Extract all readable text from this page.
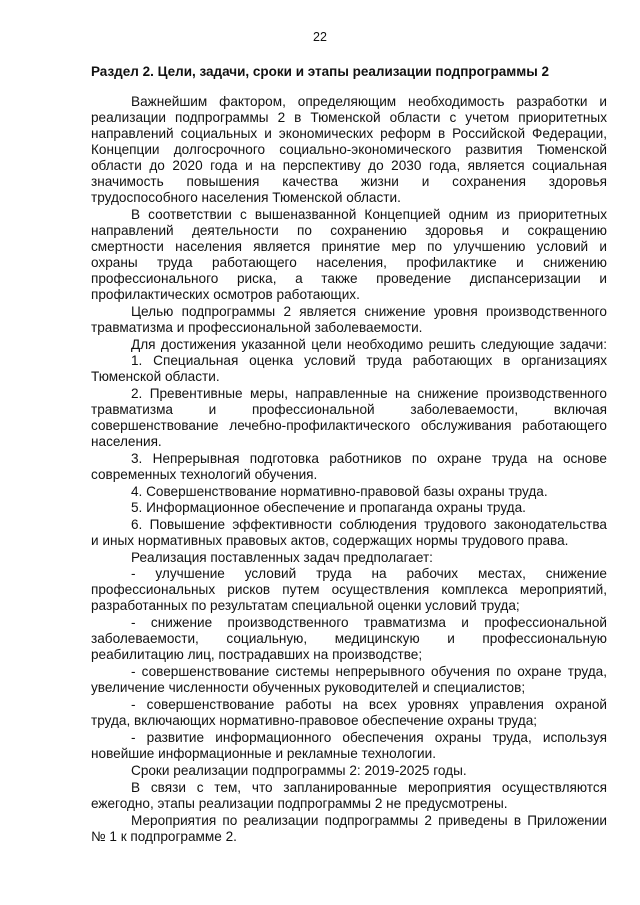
22
Раздел 2. Цели, задачи, сроки и этапы реализации подпрограммы 2
Важнейшим фактором, определяющим необходимость разработки и
реализации подпрограммы 2 в Тюменской области с учетом приоритетных
направлений социальных и экономических реформ в Российской Федерации,
Концепции долгосрочного социально-экономического развития Тюменской
области до 2020 года и на перспективу до 2030 года, является социальная
значимость повышения качества жизни и сохранения здоровья
трудоспособного населения Тюменской области.
В соответствии с вышеназванной Концепцией одним из приоритетных
направлений деятельности по сохранению здоровья и сокращению
смертности населения является принятие мер по улучшению условий и
охраны труда работающего населения, профилактике и снижению
профессионального риска, а также проведение диспансеризации и
профилактических осмотров работающих.
Целью подпрограммы 2 является снижение уровня производственного
травматизма и профессиональной заболеваемости.
Для достижения указанной цели необходимо решить следующие задачи:
1. Специальная оценка условий труда работающих в организациях
Тюменской области.
2. Превентивные меры, направленные на снижение производственного
травматизма и профессиональной заболеваемости, включая
совершенствование лечебно-профилактического обслуживания работающего
населения.
3. Непрерывная подготовка работников по охране труда на основе
современных технологий обучения.
4. Совершенствование нормативно-правовой базы охраны труда.
5. Информационное обеспечение и пропаганда охраны труда.
6. Повышение эффективности соблюдения трудового законодательства
и иных нормативных правовых актов, содержащих нормы трудового права.
Реализация поставленных задач предполагает:
- улучшение условий труда на рабочих местах, снижение
профессиональных рисков путем осуществления комплекса мероприятий,
разработанных по результатам специальной оценки условий труда;
- снижение производственного травматизма и профессиональной
заболеваемости, социальную, медицинскую и профессиональную
реабилитацию лиц, пострадавших на производстве;
- совершенствование системы непрерывного обучения по охране труда,
увеличение численности обученных руководителей и специалистов;
- совершенствование работы на всех уровнях управления охраной
труда, включающих нормативно-правовое обеспечение охраны труда;
- развитие информационного обеспечения охраны труда, используя
новейшие информационные и рекламные технологии.
Сроки реализации подпрограммы 2: 2019-2025 годы.
В связи с тем, что запланированные мероприятия осуществляются
ежегодно, этапы реализации подпрограммы 2 не предусмотрены.
Мероприятия по реализации подпрограммы 2 приведены в Приложении
№ 1 к подпрограмме 2.
